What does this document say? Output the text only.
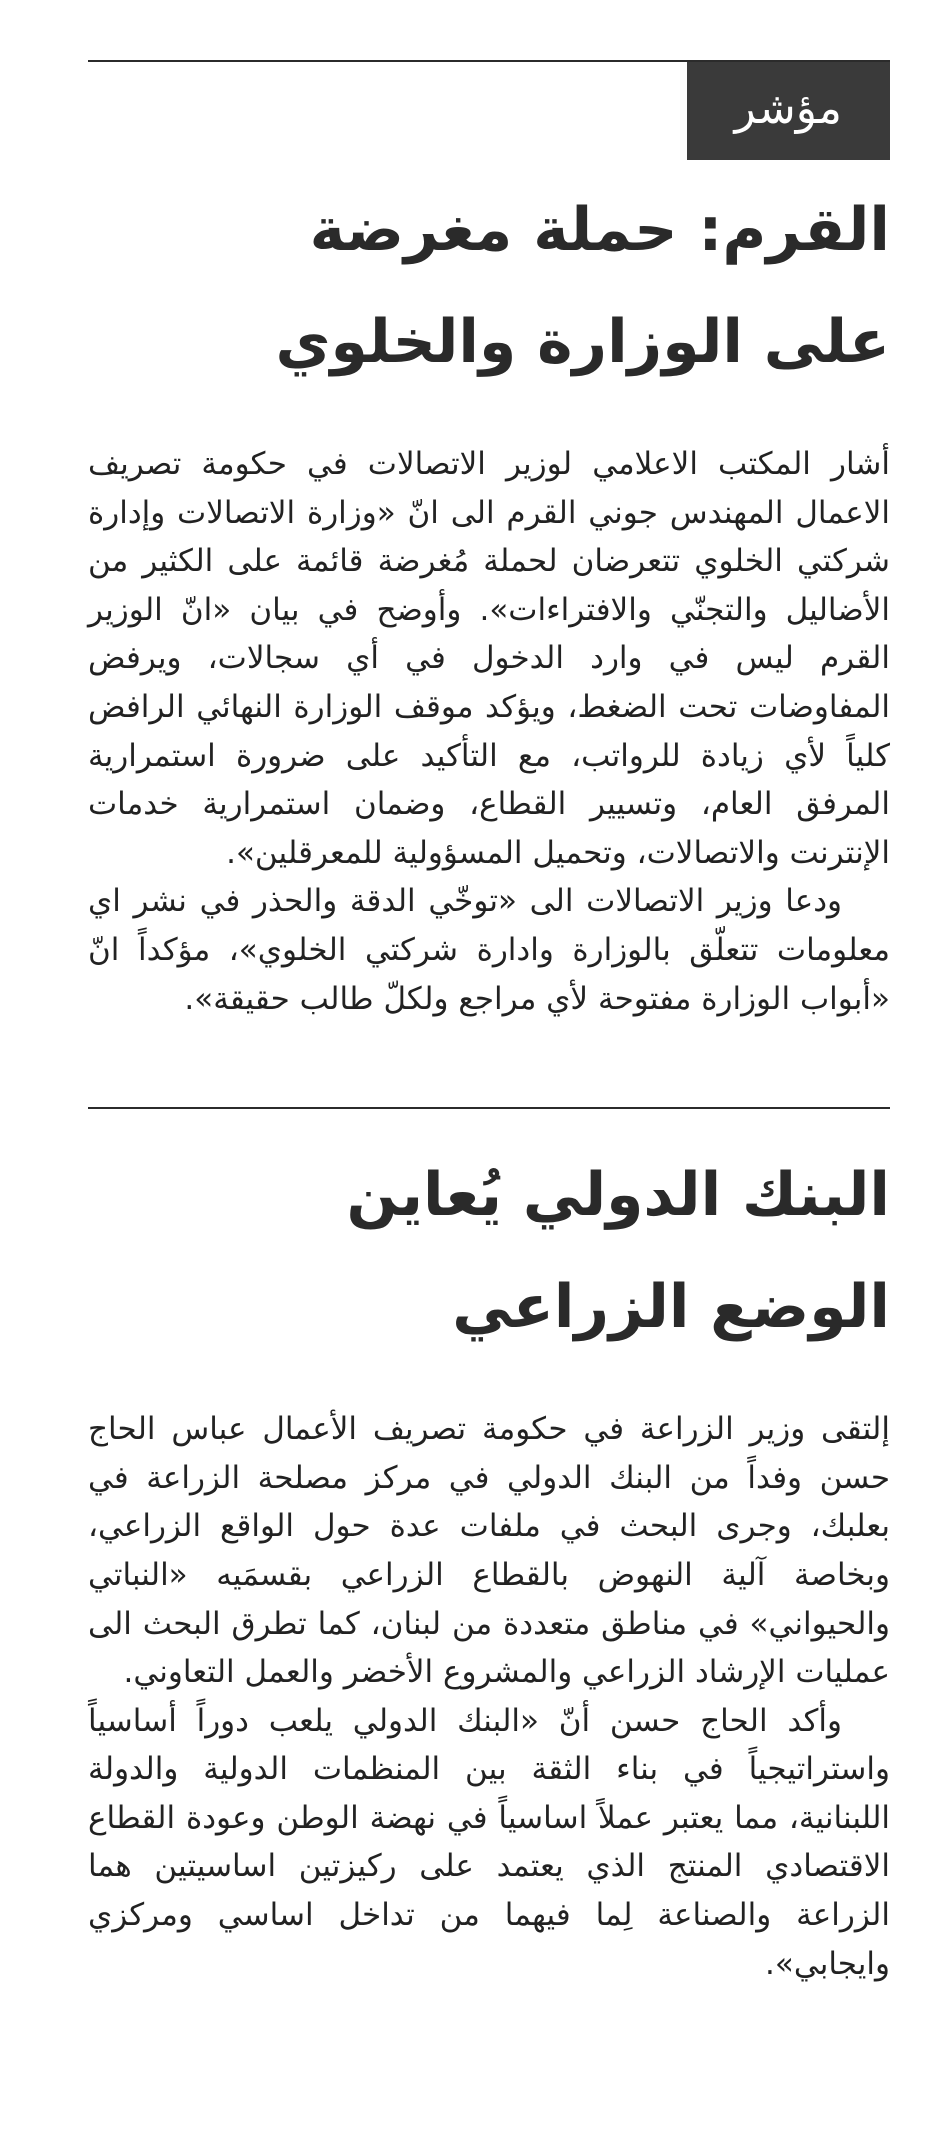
مؤشر
القرم: حملة مغرضة
على الوزارة والخلوي

أشار المكتب الاعلامي لوزير الاتصالات في حكومة تصريف الاعمال المهندس جوني القرم الى انّ «وزارة الاتصالات وإدارة شركتي الخلوي تتعرضان لحملة مُغرضة قائمة على الكثير من الأضاليل والتجنّي والافتراءات». وأوضح في بيان «انّ الوزير القرم ليس في وارد الدخول في أي سجالات، ويرفض المفاوضات تحت الضغط، ويؤكد موقف الوزارة النهائي الرافض كلياً لأي زيادة للرواتب، مع التأكيد على ضرورة استمرارية المرفق العام، وتسيير القطاع، وضمان استمرارية خدمات الإنترنت والاتصالات، وتحميل المسؤولية للمعرقلين».

ودعا وزير الاتصالات الى «توخّي الدقة والحذر في نشر اي معلومات تتعلّق بالوزارة وادارة شركتي الخلوي»، مؤكداً انّ «أبواب الوزارة مفتوحة لأي مراجع ولكلّ طالب حقيقة».

البنك الدولي يُعاين
الوضع الزراعي

إلتقى وزير الزراعة في حكومة تصريف الأعمال عباس الحاج حسن وفداً من البنك الدولي في مركز مصلحة الزراعة في بعلبك، وجرى البحث في ملفات عدة حول الواقع الزراعي، وبخاصة آلية النهوض بالقطاع الزراعي بقسمَيه «النباتي والحيواني» في مناطق متعددة من لبنان، كما تطرق البحث الى عمليات الإرشاد الزراعي والمشروع الأخضر والعمل التعاوني.

وأكد الحاج حسن أنّ «البنك الدولي يلعب دوراً أساسياً واستراتيجياً في بناء الثقة بين المنظمات الدولية والدولة اللبنانية، مما يعتبر عملاً اساسياً في نهضة الوطن وعودة القطاع الاقتصادي المنتج الذي يعتمد على ركيزتين اساسيتين هما الزراعة والصناعة لِما فيهما من تداخل اساسي ومركزي وايجابي».
